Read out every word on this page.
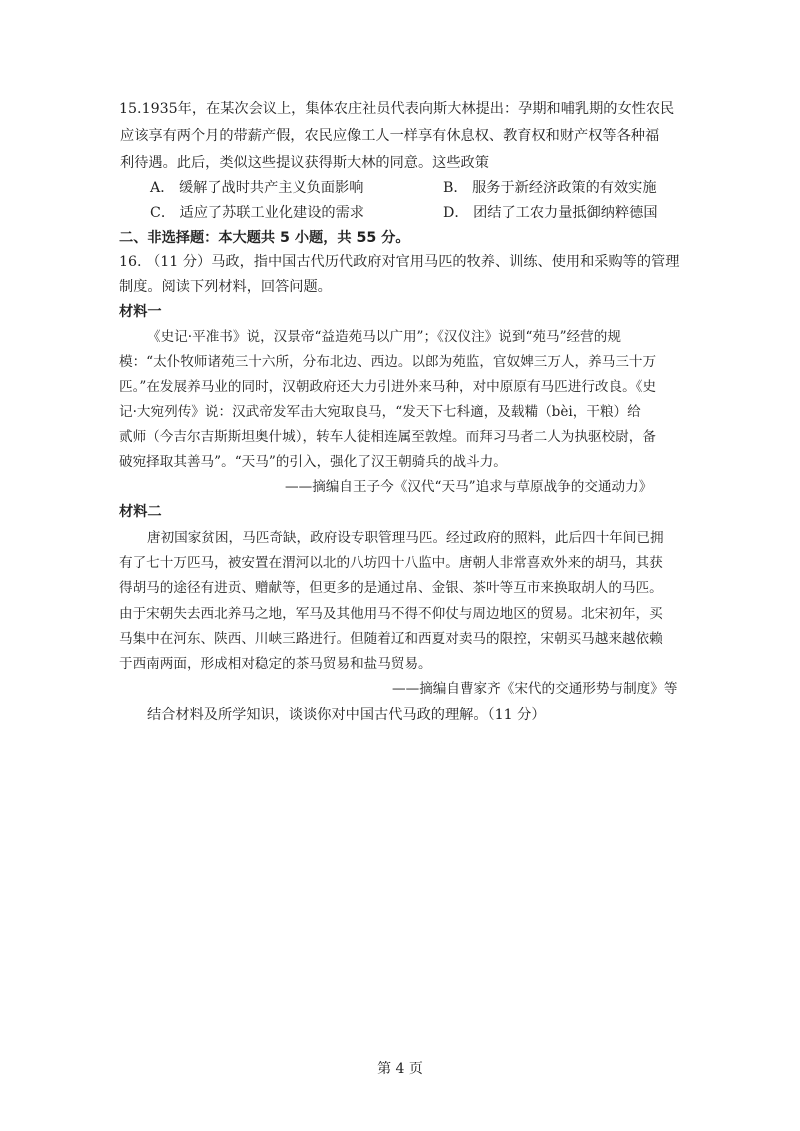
15.1935年，在某次会议上，集体农庄社员代表向斯大林提出：孕期和哺乳期的女性农民
应该享有两个月的带薪产假，农民应像工人一样享有休息权、教育权和财产权等各种福
利待遇。此后，类似这些提议获得斯大林的同意。这些政策
A． 缓解了战时共产主义负面影响	B． 服务于新经济政策的有效实施
C． 适应了苏联工业化建设的需求	D． 团结了工农力量抵御纳粹德国
二、非选择题：本大题共 5 小题，共 55 分。
16. （11 分）马政，指中国古代历代政府对官用马匹的牧养、训练、使用和采购等的管理
制度。阅读下列材料，回答问题。
材料一
《史记·平准书》说，汉景帝“益造苑马以广用”；《汉仪注》说到“苑马”经营的规
模：“太仆牧师诸苑三十六所，分布北边、西边。以郎为苑监，官奴婢三万人，养马三十万
匹。”在发展养马业的同时，汉朝政府还大力引进外来马种，对中原原有马匹进行改良。《史
记·大宛列传》说：汉武帝发军击大宛取良马，“发天下七科適，及载糒（bèi，干粮）给
贰师（今吉尔吉斯斯坦奥什城），转车人徒相连属至敦煌。而拜习马者二人为执驱校尉，备
破宛择取其善马”。“天马”的引入，强化了汉王朝骑兵的战斗力。
——摘编自王子今《汉代“天马”追求与草原战争的交通动力》
材料二
唐初国家贫困，马匹奇缺，政府设专职管理马匹。经过政府的照料，此后四十年间已拥
有了七十万匹马，被安置在渭河以北的八坊四十八监中。唐朝人非常喜欢外来的胡马，其获
得胡马的途径有进贡、赠献等，但更多的是通过帛、金银、茶叶等互市来换取胡人的马匹。
由于宋朝失去西北养马之地，军马及其他用马不得不仰仗与周边地区的贸易。北宋初年，买
马集中在河东、陕西、川峡三路进行。但随着辽和西夏对卖马的限控，宋朝买马越来越依赖
于西南两面，形成相对稳定的茶马贸易和盐马贸易。
——摘编自曹家齐《宋代的交通形势与制度》等
结合材料及所学知识，谈谈你对中国古代马政的理解。（11 分）
第 4 页
